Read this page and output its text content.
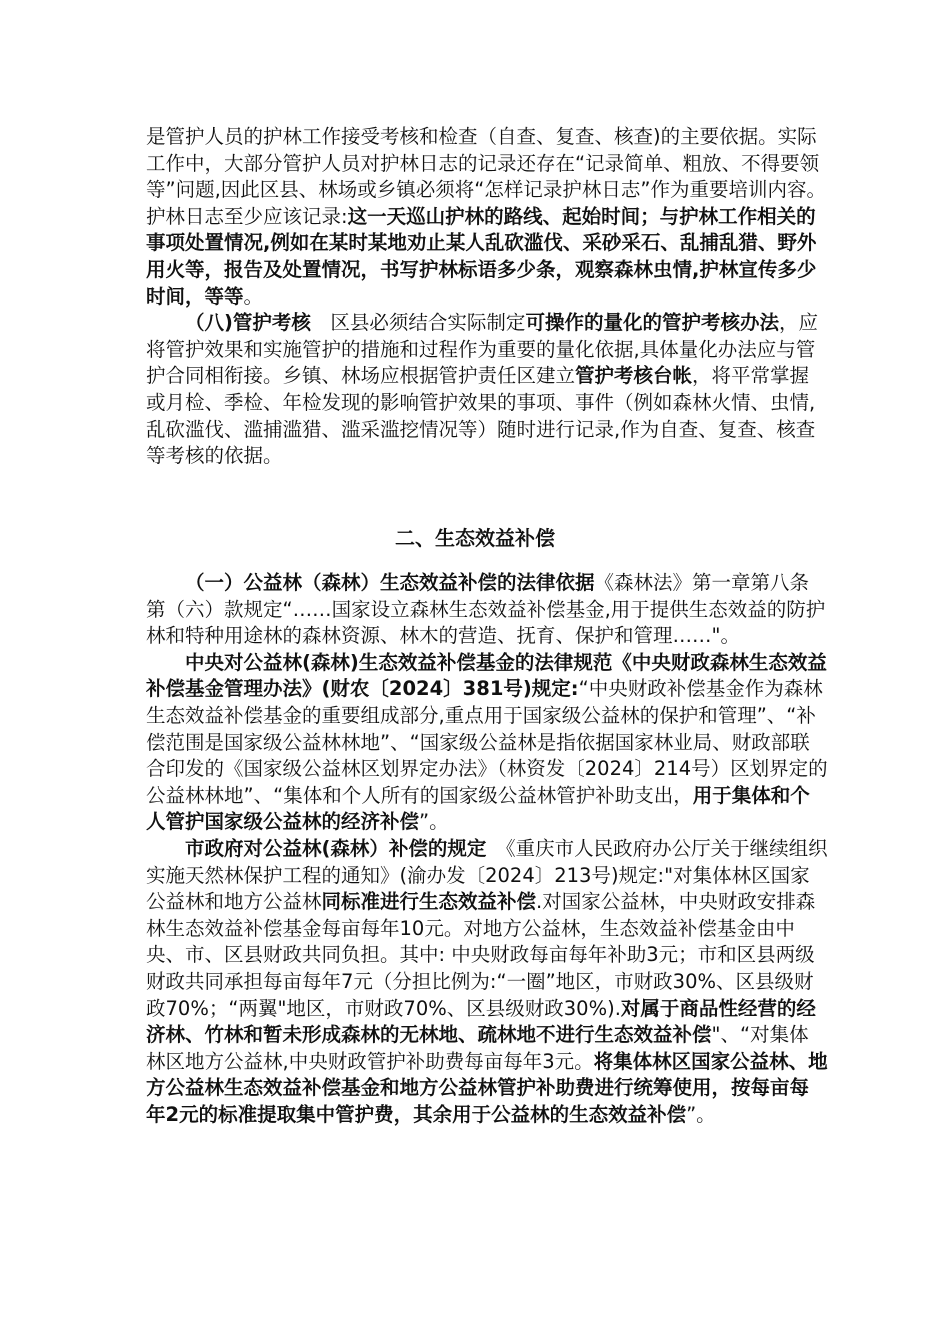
是管护人员的护林工作接受考核和检查（自查、复查、核查)的主要依据。实际工作中，大部分管护人员对护林日志的记录还存在“记录简单、粗放、不得要领等”问题,因此区县、林场或乡镇必须将“怎样记录护林日志”作为重要培训内容。护林日志至少应该记录:这一天巡山护林的路线、起始时间；与护林工作相关的事项处置情况,例如在某时某地劝止某人乱砍滥伐、采砂采石、乱捕乱猎、野外用火等，报告及处置情况，书写护林标语多少条，观察森林虫情,护林宣传多少时间，等等。

（八)管护考核　区县必须结合实际制定可操作的量化的管护考核办法，应将管护效果和实施管护的措施和过程作为重要的量化依据,具体量化办法应与管护合同相衔接。乡镇、林场应根据管护责任区建立管护考核台帐，将平常掌握或月检、季检、年检发现的影响管护效果的事项、事件（例如森林火情、虫情,乱砍滥伐、滥捕滥猎、滥采滥挖情况等）随时进行记录,作为自查、复查、核查等考核的依据。

二、生态效益补偿

（一）公益林（森林）生态效益补偿的法律依据《森林法》第一章第八条第（六）款规定“……国家设立森林生态效益补偿基金,用于提供生态效益的防护林和特种用途林的森林资源、林木的营造、抚育、保护和管理……"。

中央对公益林(森林)生态效益补偿基金的法律规范《中央财政森林生态效益补偿基金管理办法》(财农〔2024〕381号)规定:“中央财政补偿基金作为森林生态效益补偿基金的重要组成部分,重点用于国家级公益林的保护和管理”、“补偿范围是国家级公益林林地”、“国家级公益林是指依据国家林业局、财政部联合印发的《国家级公益林区划界定办法》（林资发〔2024〕214号）区划界定的公益林林地”、“集体和个人所有的国家级公益林管护补助支出，用于集体和个人管护国家级公益林的经济补偿”。

市政府对公益林(森林）补偿的规定　《重庆市人民政府办公厅关于继续组织实施天然林保护工程的通知》(渝办发〔2024〕213号)规定:"对集体林区国家公益林和地方公益林同标准进行生态效益补偿.对国家公益林，中央财政安排森林生态效益补偿基金每亩每年10元。对地方公益林，生态效益补偿基金由中央、市、区县财政共同负担。其中: 中央财政每亩每年补助3元；市和区县两级财政共同承担每亩每年7元（分担比例为:“一圈”地区，市财政30%、区县级财政70%；“两翼"地区，市财政70%、区县级财政30%).对属于商品性经营的经济林、竹林和暂未形成森林的无林地、疏林地不进行生态效益补偿"、“对集体林区地方公益林,中央财政管护补助费每亩每年3元。将集体林区国家公益林、地方公益林生态效益补偿基金和地方公益林管护补助费进行统筹使用，按每亩每年2元的标准提取集中管护费，其余用于公益林的生态效益补偿”。
